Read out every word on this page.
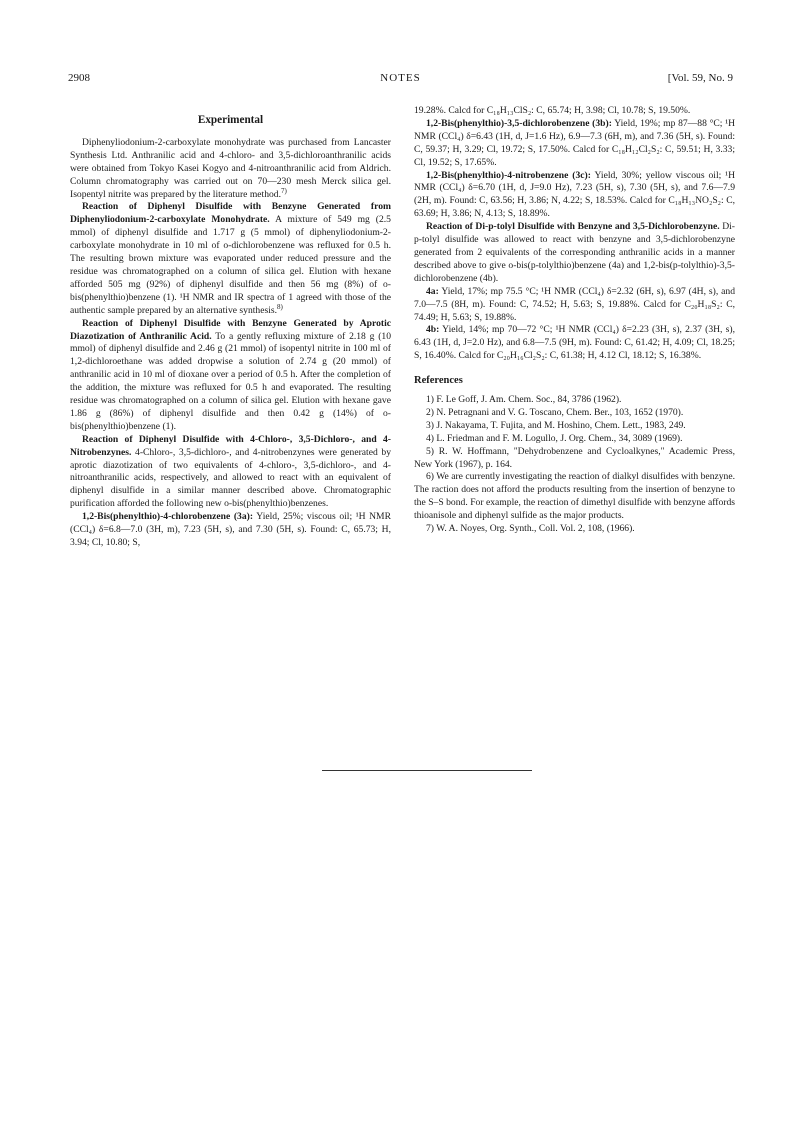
2908	NOTES	[Vol. 59, No. 9
Experimental

Diphenyliodonium-2-carboxylate monohydrate was purchased from Lancaster Synthesis Ltd. Anthranilic acid and 4-chloro- and 3,5-dichloroanthranilic acids were obtained from Tokyo Kasei Kogyo and 4-nitroanthranilic acid from Aldrich. Column chromatography was carried out on 70—230 mesh Merck silica gel. Isopentyl nitrite was prepared by the literature method.$^{7)}$

Reaction of Diphenyl Disulfide with Benzyne Generated from Diphenyliodonium-2-carboxylate Monohydrate. A mixture of 549 mg (2.5 mmol) of diphenyl disulfide and 1.717 g (5 mmol) of diphenyliodonium-2-carboxylate monohydrate in 10 ml of o-dichlorobenzene was refluxed for 0.5 h. The resulting brown mixture was evaporated under reduced pressure and the residue was chromatographed on a column of silica gel. Elution with hexane afforded 505 mg (92%) of diphenyl disulfide and then 56 mg (8%) of o-bis(phenylthio)benzene (1). ¹H NMR and IR spectra of 1 agreed with those of the authentic sample prepared by an alternative synthesis.$^{8)}$

Reaction of Diphenyl Disulfide with Benzyne Generated by Aprotic Diazotization of Anthranilic Acid. To a gently refluxing mixture of 2.18 g (10 mmol) of diphenyl disulfide and 2.46 g (21 mmol) of isopentyl nitrite in 100 ml of 1,2-dichloroethane was added dropwise a solution of 2.74 g (20 mmol) of anthranilic acid in 10 ml of dioxane over a period of 0.5 h. After the completion of the addition, the mixture was refluxed for 0.5 h and evaporated. The resulting residue was chromatographed on a column of silica gel. Elution with hexane gave 1.86 g (86%) of diphenyl disulfide and then 0.42 g (14%) of o-bis(phenylthio)benzene (1).

Reaction of Diphenyl Disulfide with 4-Chloro-, 3,5-Dichloro-, and 4-Nitrobenzynes. 4-Chloro-, 3,5-dichloro-, and 4-nitrobenzynes were generated by aprotic diazotization of two equivalents of 4-chloro-, 3,5-dichloro-, and 4-nitroanthranilic acids, respectively, and allowed to react with an equivalent of diphenyl disulfide in a similar manner described above. Chromatographic purification afforded the following new o-bis(phenylthio)benzenes.

1,2-Bis(phenylthio)-4-chlorobenzene (3a): Yield, 25%; viscous oil; ¹H NMR (CCl₄) δ=6.8—7.0 (3H, m), 7.23 (5H, s), and 7.30 (5H, s). Found: C, 65.73; H, 3.94; Cl, 10.80; S,

19.28%. Calcd for C₁₈H₁₃ClS₂: C, 65.74; H, 3.98; Cl, 10.78; S, 19.50%.

1,2-Bis(phenylthio)-3,5-dichlorobenzene (3b): Yield, 19%; mp 87—88 °C; ¹H NMR (CCl₄) δ=6.43 (1H, d, J=1.6 Hz), 6.9—7.3 (6H, m), and 7.36 (5H, s). Found: C, 59.37; H, 3.29; Cl, 19.72; S, 17.50%. Calcd for C₁₈H₁₂Cl₂S₂: C, 59.51; H, 3.33; Cl, 19.52; S, 17.65%.

1,2-Bis(phenylthio)-4-nitrobenzene (3c): Yield, 30%; yellow viscous oil; ¹H NMR (CCl₄) δ=6.70 (1H, d, J=9.0 Hz), 7.23 (5H, s), 7.30 (5H, s), and 7.6—7.9 (2H, m). Found: C, 63.56; H, 3.86; N, 4.22; S, 18.53%. Calcd for C₁₈H₁₃NO₂S₂: C, 63.69; H, 3.86; N, 4.13; S, 18.89%.

Reaction of Di-p-tolyl Disulfide with Benzyne and 3,5-Dichlorobenzyne. Di-p-tolyl disulfide was allowed to react with benzyne and 3,5-dichlorobenzyne generated from 2 equivalents of the corresponding anthranilic acids in a manner described above to give o-bis(p-tolylthio)benzene (4a) and 1,2-bis(p-tolylthio)-3,5-dichlorobenzene (4b).

4a: Yield, 17%; mp 75.5 °C; ¹H NMR (CCl₄) δ=2.32 (6H, s), 6.97 (4H, s), and 7.0—7.5 (8H, m). Found: C, 74.52; H, 5.63; S, 19.88%. Calcd for C₂₀H₁₈S₂: C, 74.49; H, 5.63; S, 19.88%.

4b: Yield, 14%; mp 70—72 °C; ¹H NMR (CCl₄) δ=2.23 (3H, s), 2.37 (3H, s), 6.43 (1H, d, J=2.0 Hz), and 6.8—7.5 (9H, m). Found: C, 61.42; H, 4.09; Cl, 18.25; S, 16.40%. Calcd for C₂₀H₁₆Cl₂S₂: C, 61.38; H, 4.12 Cl, 18.12; S, 16.38%.

References

1) F. Le Goff, J. Am. Chem. Soc., 84, 3786 (1962).

2) N. Petragnani and V. G. Toscano, Chem. Ber., 103, 1652 (1970).

3) J. Nakayama, T. Fujita, and M. Hoshino, Chem. Lett., 1983, 249.

4) L. Friedman and F. M. Logullo, J. Org. Chem., 34, 3089 (1969).

5) R. W. Hoffmann, "Dehydrobenzene and Cycloalkynes," Academic Press, New York (1967), p. 164.

6) We are currently investigating the reaction of dialkyl disulfides with benzyne. The raction does not afford the products resulting from the insertion of benzyne to the S–S bond. For example, the reaction of dimethyl disulfide with benzyne affords thioanisole and diphenyl sulfide as the major products.

7) W. A. Noyes, Org. Synth., Coll. Vol. 2, 108, (1966).
